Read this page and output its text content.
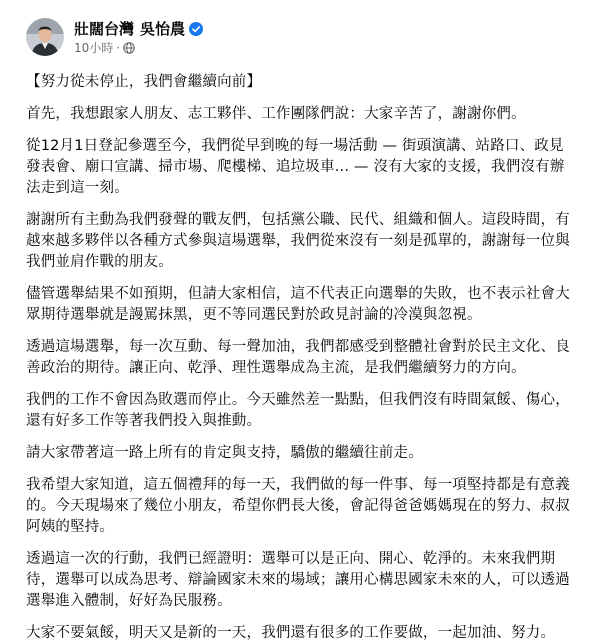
壯闊台灣 吳怡農
10小時 ·

【努力從未停止，我們會繼續向前】

首先，我想跟家人朋友、志工夥伴、工作團隊們說：大家辛苦了，謝謝你們。

從12月1日登記參選至今，我們從早到晚的每一場活動 — 街頭演講、站路口、政見發表會、廟口宣講、掃市場、爬樓梯、追垃圾車... — 沒有大家的支援，我們沒有辦法走到這一刻。

謝謝所有主動為我們發聲的戰友們，包括黨公職、民代、組織和個人。這段時間，有越來越多夥伴以各種方式參與這場選舉，我們從來沒有一刻是孤單的，謝謝每一位與我們並肩作戰的朋友。

儘管選舉結果不如預期，但請大家相信，這不代表正向選舉的失敗，也不表示社會大眾期待選舉就是謾罵抹黑，更不等同選民對於政見討論的冷漠與忽視。

透過這場選舉，每一次互動、每一聲加油，我們都感受到整體社會對於民主文化、良善政治的期待。讓正向、乾淨、理性選舉成為主流，是我們繼續努力的方向。

我們的工作不會因為敗選而停止。今天雖然差一點點，但我們沒有時間氣餒、傷心，還有好多工作等著我們投入與推動。

請大家帶著這一路上所有的肯定與支持，驕傲的繼續往前走。

我希望大家知道，這五個禮拜的每一天，我們做的每一件事、每一項堅持都是有意義的。今天現場來了幾位小朋友，希望你們長大後，會記得爸爸媽媽現在的努力、叔叔阿姨的堅持。

透過這一次的行動，我們已經證明：選舉可以是正向、開心、乾淨的。未來我們期待，選舉可以成為思考、辯論國家未來的場域；讓用心構思國家未來的人，可以透過選舉進入體制，好好為民服務。

大家不要氣餒，明天又是新的一天，我們還有很多的工作要做，一起加油、努力。
